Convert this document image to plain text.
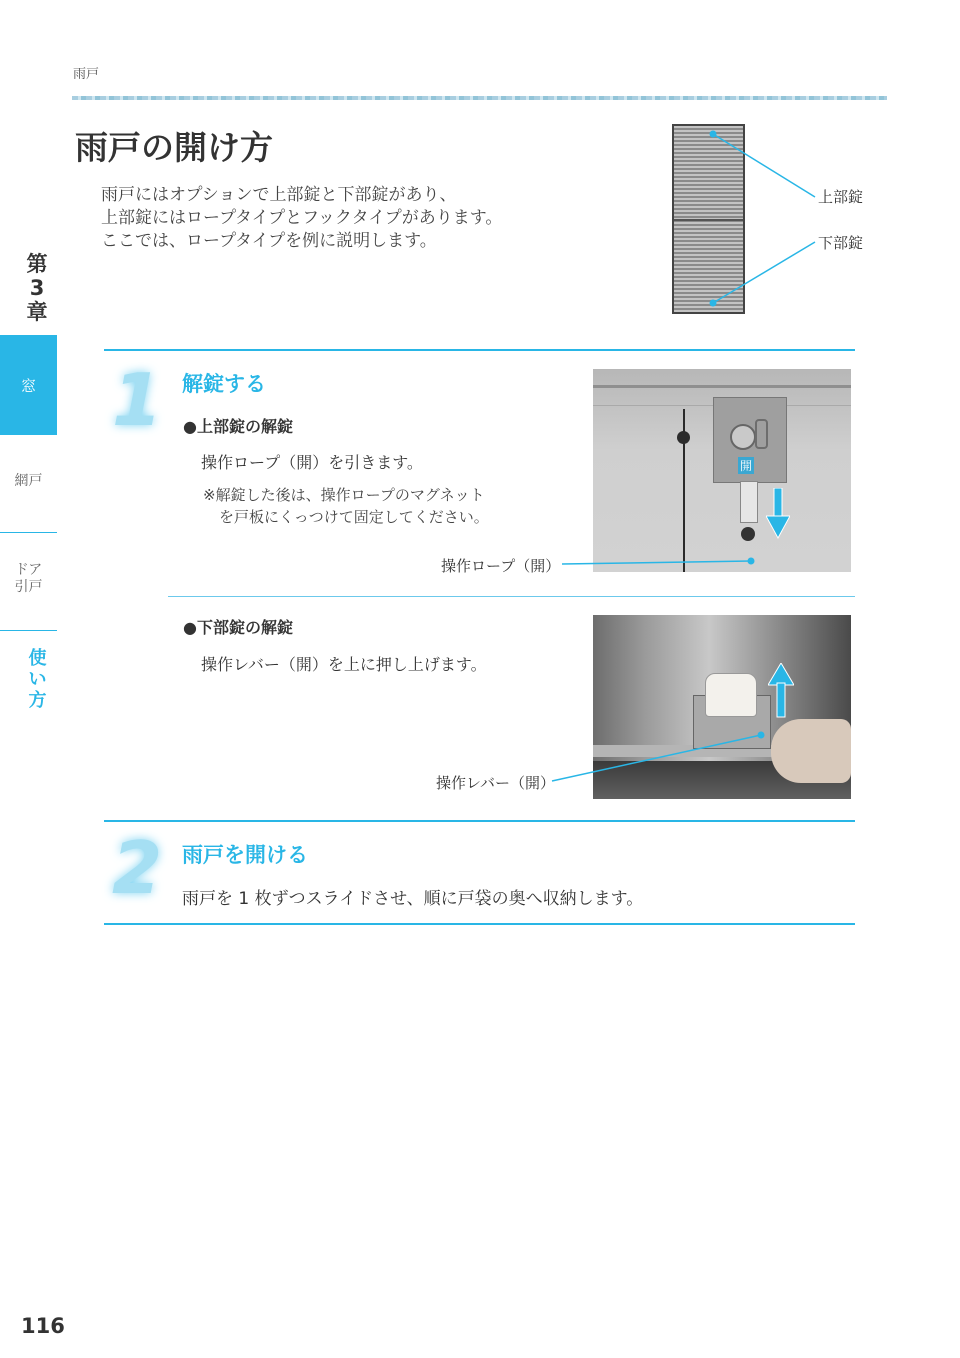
雨戸
第3章
窓
網戸
ドア
引戸
使
い
方
雨戸の開け方
雨戸にはオプションで上部錠と下部錠があり、
上部錠にはロープタイプとフックタイプがあります。
ここでは、ロープタイプを例に説明します。
上部錠
下部錠
1 解錠する
●上部錠の解錠
操作ロープ（開）を引きます。
※解錠した後は、操作ロープのマグネット
を戸板にくっつけて固定してください。
開
操作ロープ（開）
●下部錠の解錠
操作レバー（開）を上に押し上げます。
操作レバー（開）
2 雨戸を開ける
雨戸を 1 枚ずつスライドさせ、順に戸袋の奥へ収納します。
116
